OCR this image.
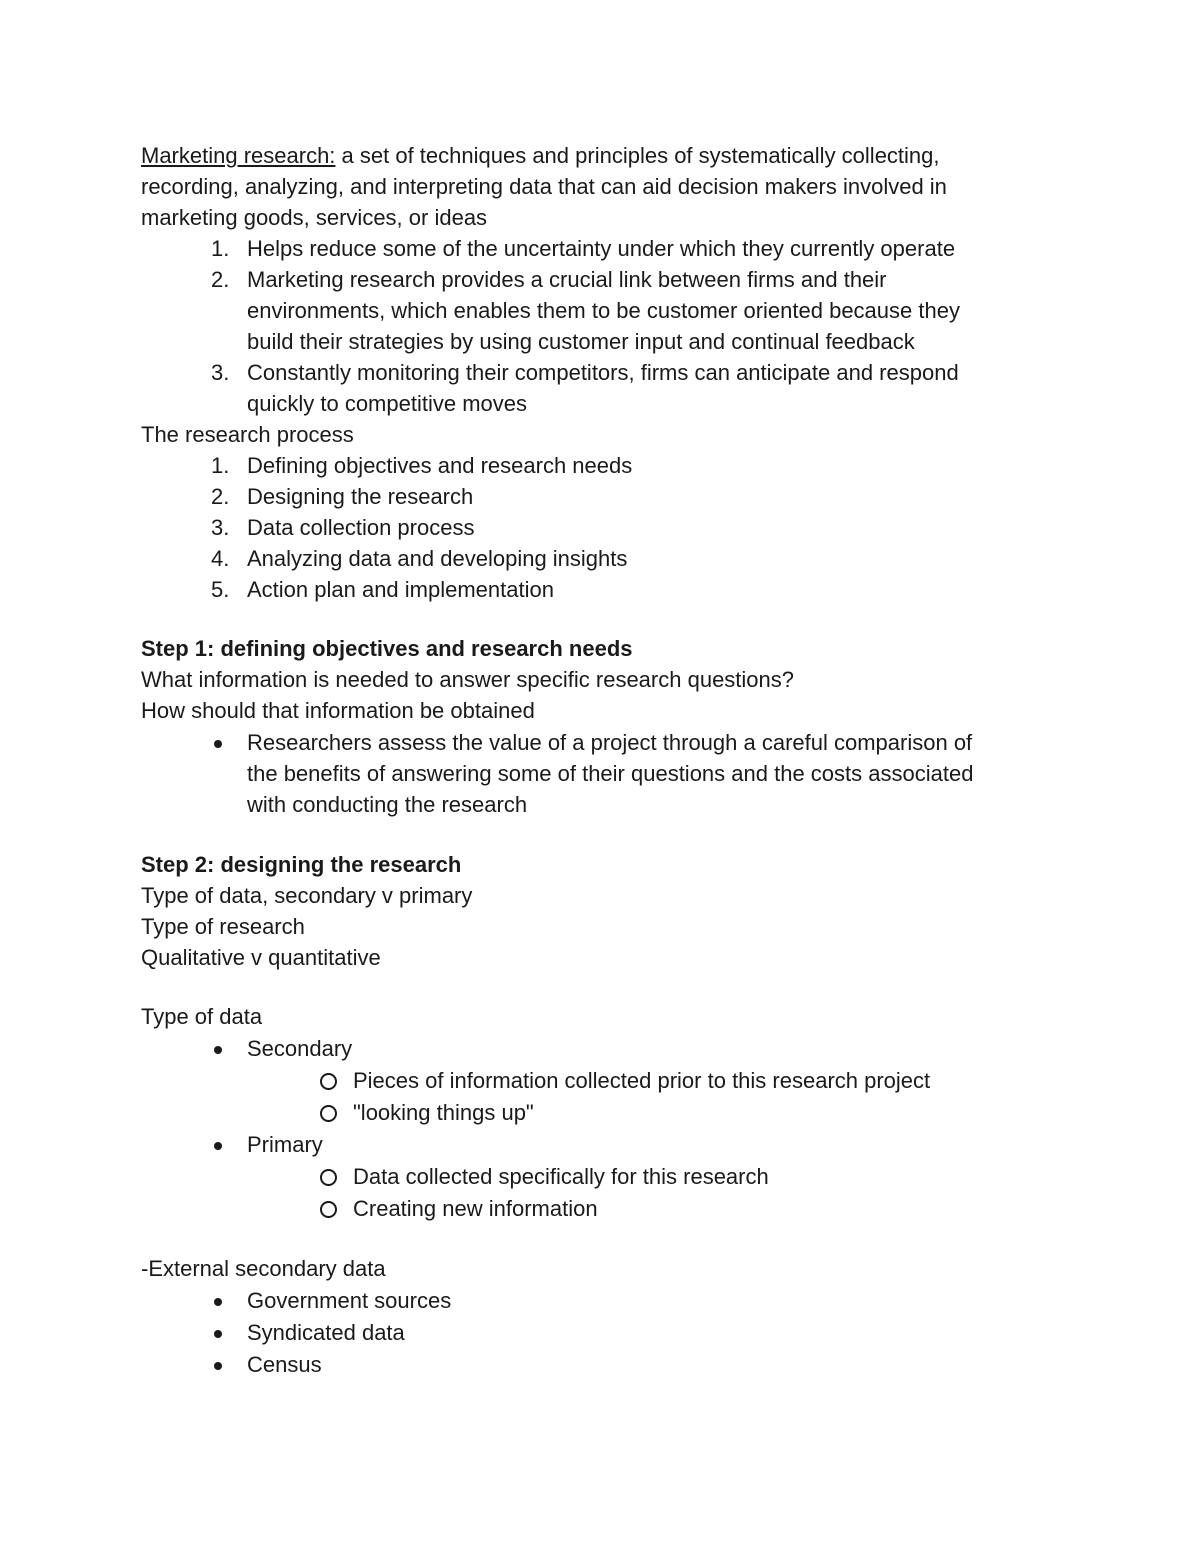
Marketing research: a set of techniques and principles of systematically collecting,

recording, analyzing, and interpreting data that can aid decision makers involved in

marketing goods, services, or ideas

1. Helps reduce some of the uncertainty under which they currently operate
2. Marketing research provides a crucial link between firms and their
environments, which enables them to be customer oriented because they
build their strategies by using customer input and continual feedback
3. Constantly monitoring their competitors, firms can anticipate and respond
quickly to competitive moves

The research process

1. Defining objectives and research needs
2. Designing the research
3. Data collection process
4. Analyzing data and developing insights
5. Action plan and implementation

Step 1: defining objectives and research needs

What information is needed to answer specific research questions?

How should that information be obtained

Researchers assess the value of a project through a careful comparison of
the benefits of answering some of their questions and the costs associated
with conducting the research

Step 2: designing the research

Type of data, secondary v primary

Type of research

Qualitative v quantitative

Type of data

Secondary
Pieces of information collected prior to this research project
"looking things up"
Primary
Data collected specifically for this research
Creating new information

-External secondary data

Government sources
Syndicated data
Census
